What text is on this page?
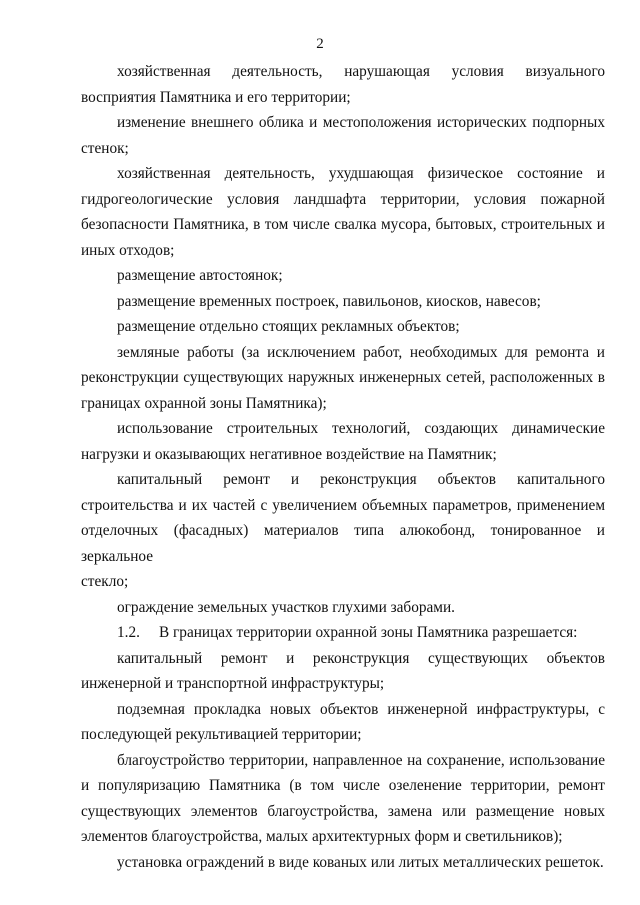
2
хозяйственная деятельность, нарушающая условия визуального
восприятия Памятника и его территории;
изменение внешнего облика и местоположения исторических подпорных
стенок;
хозяйственная деятельность, ухудшающая физическое состояние и
гидрогеологические условия ландшафта территории, условия пожарной
безопасности Памятника, в том числе свалка мусора, бытовых, строительных и
иных отходов;
размещение автостоянок;
размещение временных построек, павильонов, киосков, навесов;
размещение отдельно стоящих рекламных объектов;
земляные работы (за исключением работ, необходимых для ремонта и
реконструкции существующих наружных инженерных сетей, расположенных в
границах охранной зоны Памятника);
использование строительных технологий, создающих динамические
нагрузки и оказывающих негативное воздействие на Памятник;
капитальный ремонт и реконструкция объектов капитального
строительства и их частей с увеличением объемных параметров, применением
отделочных (фасадных) материалов типа алюкобонд, тонированное и зеркальное
стекло;
ограждение земельных участков глухими заборами.
1.2. В границах территории охранной зоны Памятника разрешается:
капитальный ремонт и реконструкция существующих объектов
инженерной и транспортной инфраструктуры;
подземная прокладка новых объектов инженерной инфраструктуры, с
последующей рекультивацией территории;
благоустройство территории, направленное на сохранение, использование
и популяризацию Памятника (в том числе озеленение территории, ремонт
существующих элементов благоустройства, замена или размещение новых
элементов благоустройства, малых архитектурных форм и светильников);
установка ограждений в виде кованых или литых металлических решеток.
